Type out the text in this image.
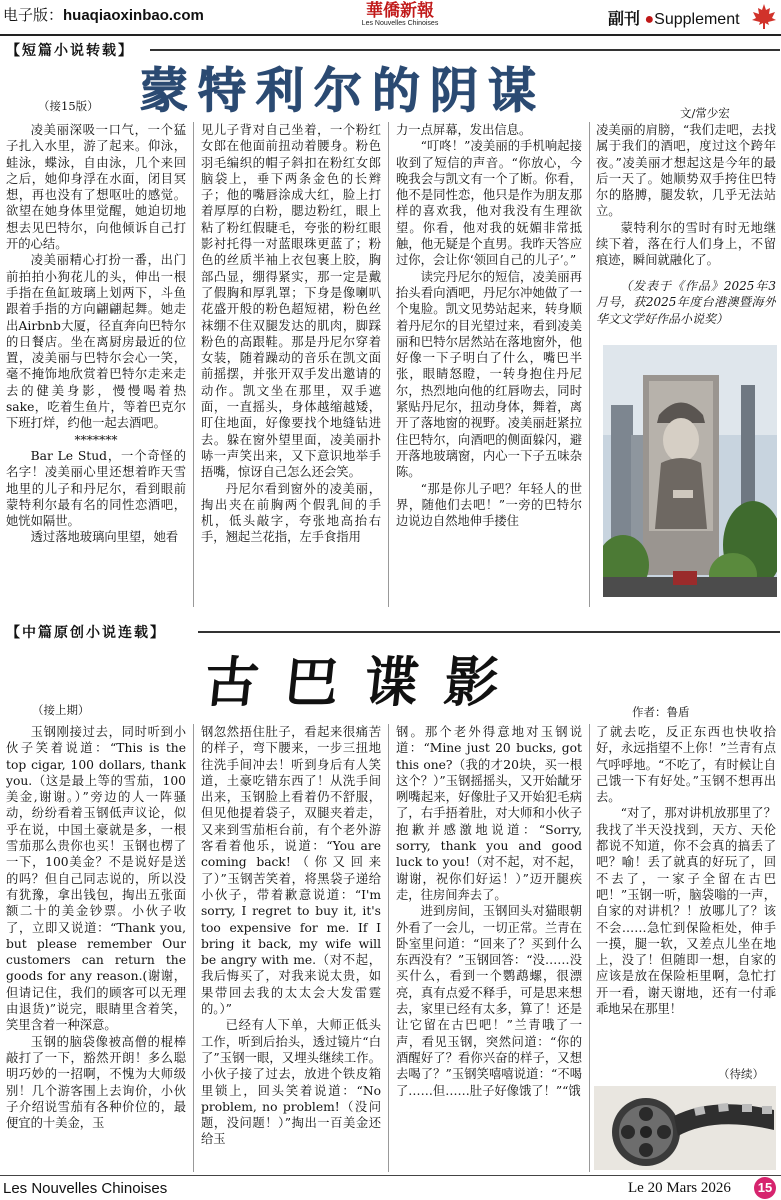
电子版：huaqiaoxinbao.com	華僑新報
Les Nouvelles Chinoises	副刊 ●Supplement
【短篇小说转载】
蒙特利尔的阴谋
（接15版）	文/常少宏

凌美丽深吸一口气，一个猛子扎入水里，游了起来。仰泳，蛙泳，蝶泳，自由泳，几个来回之后，她仰身浮在水面，闭目冥想，再也没有了想呕吐的感觉。欲望在她身体里觉醒，她迫切地想去见巴特尔，向他倾诉自己打开的心结。

凌美丽精心打扮一番，出门前拍拍小狗花儿的头，伸出一根手指在鱼缸玻璃上划两下，斗鱼跟着手指的方向翩翩起舞。她走出Airbnb大厦，径直奔向巴特尔的日餐店。坐在离厨房最近的位置，凌美丽与巴特尔会心一笑，毫不掩饰地欣赏着巴特尔走来走去的健美身影，慢慢喝着热sake，吃着生鱼片，等着巴克尔下班打烊，约他一起去酒吧。

*******

Bar Le Stud，一个奇怪的名字！凌美丽心里还想着昨天雪地里的儿子和丹尼尔，看到眼前蒙特利尔最有名的同性恋酒吧，她恍如隔世。

透过落地玻璃向里望，她看

见儿子背对自己坐着，一个粉红女郎在他面前扭动着腰身。粉色羽毛编织的帽子斜扣在粉红女郎脑袋上，垂下两条金色的长辫子；他的嘴唇涂成大红，脸上打着厚厚的白粉，腮边粉红，眼上粘了粉红假睫毛，夸张的粉红眼影衬托得一对蓝眼珠更蓝了；粉色的丝质半袖上衣包裹上胶，胸部凸显，绷得紧实，那一定是戴了假胸和厚乳罩；下身是像喇叭花盛开般的粉色超短裙，粉色丝袜绷不住双腿发达的肌肉，脚踩粉色的高跟鞋。那是丹尼尔穿着女装，随着躁动的音乐在凯文面前摇摆，并张开双手发出邀请的动作。凯文坐在那里，双手遮面，一直摇头，身体越缩越矮，盯住地面，好像要找个地缝钻进去。躲在窗外望里面，凌美丽扑哧一声笑出来，又下意识地举手捂嘴，惊讶自己怎么还会笑。

丹尼尔看到窗外的凌美丽，掏出夹在前胸两个假乳间的手机，低头敲字，夸张地高抬右手，翘起兰花指，左手食指用

力一点屏幕，发出信息。

“叮咚！”凌美丽的手机响起接收到了短信的声音。“你放心，今晚我会与凯文有一个了断。你看，他不是同性恋，他只是作为朋友那样的喜欢我，他对我没有生理欲望。你看，他对我的妩媚非常抵触，他无疑是个直男。我昨天答应过你，会让你‘领回自己的儿子’。”

读完丹尼尔的短信，凌美丽再抬头看向酒吧，丹尼尔冲她做了一个鬼脸。凯文见势站起来，转身顺着丹尼尔的目光望过来，看到凌美丽和巴特尔居然站在落地窗外，他好像一下子明白了什么，嘴巴半张，眼睛怒瞪，一转身抱住丹尼尔，热烈地向他的红唇吻去，同时紧贴丹尼尔，扭动身体，舞着，离开了落地窗的视野。凌美丽赶紧拉住巴特尔，向酒吧的侧面躲闪，避开落地玻璃窗，内心一下子五味杂陈。

“那是你儿子吧？年轻人的世界，随他们去吧！”一旁的巴特尔边说边自然地伸手搂住

凌美丽的肩膀，“我们走吧，去找属于我们的酒吧，度过这个跨年夜。”凌美丽才想起这是今年的最后一天了。她顺势双手挎住巴特尔的胳膊，腿发软，几乎无法站立。

蒙特利尔的雪时有时无地继续下着，落在行人们身上，不留痕迹，瞬间就融化了。

（发表于《作品》2025年3月号，获2025年度台港澳暨海外华文文学好作品小说奖）

【中篇原创小说连载】
古巴谍影
（接上期）	作者：鲁盾

玉钢刚接过去，同时听到小伙子笑着说道：“This is the top cigar, 100 dollars, thank you.（这是最上等的雪茄，100美金,谢谢。）”旁边的人一阵骚动，纷纷看着玉钢低声议论，似乎在说，中国土豪就是多，一根雪茄那么贵你也买！玉钢也楞了一下，100美金？不是说好是送的吗？但自己同志说的，所以没有犹豫，拿出钱包，掏出五张面额二十的美金钞票。小伙子收了，立即又说道：“Thank you, but please remember Our customers can return the goods for any reason.(谢谢，但请记住，我们的顾客可以无理由退货)”说完，眼睛里含着笑，笑里含着一种深意。

玉钢的脑袋像被高僧的棍棒敲打了一下，豁然开朗！多么聪明巧妙的一招啊，不愧为大师级别！几个游客围上去询价，小伙子介绍说雪茄有各种价位的，最便宜的十美金，玉

钢忽然捂住肚子，看起来很痛苦的样子，弯下腰来，一步三扭地往洗手间冲去！听到身后有人笑道，土豪吃错东西了！从洗手间出来，玉钢脸上看着仍不舒服，但见他提着袋子，双腿夹着走，又来到雪茄柜台前，有个老外游客看着他乐，说道：“You are coming back!（你又回来了）”玉钢苦笑着，将黑袋子递给小伙子，带着歉意说道：“I'm sorry, I regret to buy it, it's too expensive for me. If I bring it back, my wife will be angry with me.（对不起，我后悔买了，对我来说太贵，如果带回去我的太太会大发雷霆的。）”

已经有人下单，大师正低头工作，听到后抬头，透过镜片“白了”玉钢一眼，又埋头继续工作。小伙子接了过去，放进个铁皮箱里锁上，回头笑着说道：“No problem, no problem!（没问题，没问题！）”掏出一百美金还给玉

钢。那个老外得意地对玉钢说道：“Mine just 20 bucks, got this one?（我的才20块，买一根这个？）”玉钢摇摇头，又开始龇牙咧嘴起来，好像肚子又开始犯毛病了，右手捂着肚，对大师和小伙子抱歉并感激地说道：“Sorry, sorry, thank you and good luck to you!（对不起，对不起，谢谢，祝你们好运！）”迈开腿疾走，往房间奔去了。

进到房间，玉钢回头对猫眼朝外看了一会儿，一切正常。兰青在卧室里问道：“回来了？买到什么东西没有？”玉钢回答：“没……没买什么，看到一个鹦鹉螺，很漂亮，真有点爱不释手，可是思来想去，家里已经有太多，算了！还是让它留在古巴吧！”兰青哦了一声，看见玉钢，突然问道：“你的酒醒好了？看你兴奋的样子，又想去喝了？”玉钢笑嘻嘻说道：“不喝了……但……肚子好像饿了！”“饿

了就去吃，反正东西也快收拾好，永远指望不上你！”兰青有点气呼呼地。“不吃了，有时候让自己饿一下有好处。”玉钢不想再出去。

“对了，那对讲机放那里了？我找了半天没找到，天方、天伦都说不知道，你不会真的搞丢了吧？喻！丢了就真的好玩了，回不去了，一家子全留在古巴吧！”玉钢一听，脑袋嗡的一声，自家的对讲机？！放哪儿了？该不会……急忙到保险柜处，伸手一摸，腿一软，又差点儿坐在地上，没了！但随即一想，自家的应该是放在保险柜里啊，急忙打开一看，谢天谢地，还有一付乖乖地呆在那里！

（待续）
Les Nouvelles Chinoises	Le 20 Mars 2026 15
